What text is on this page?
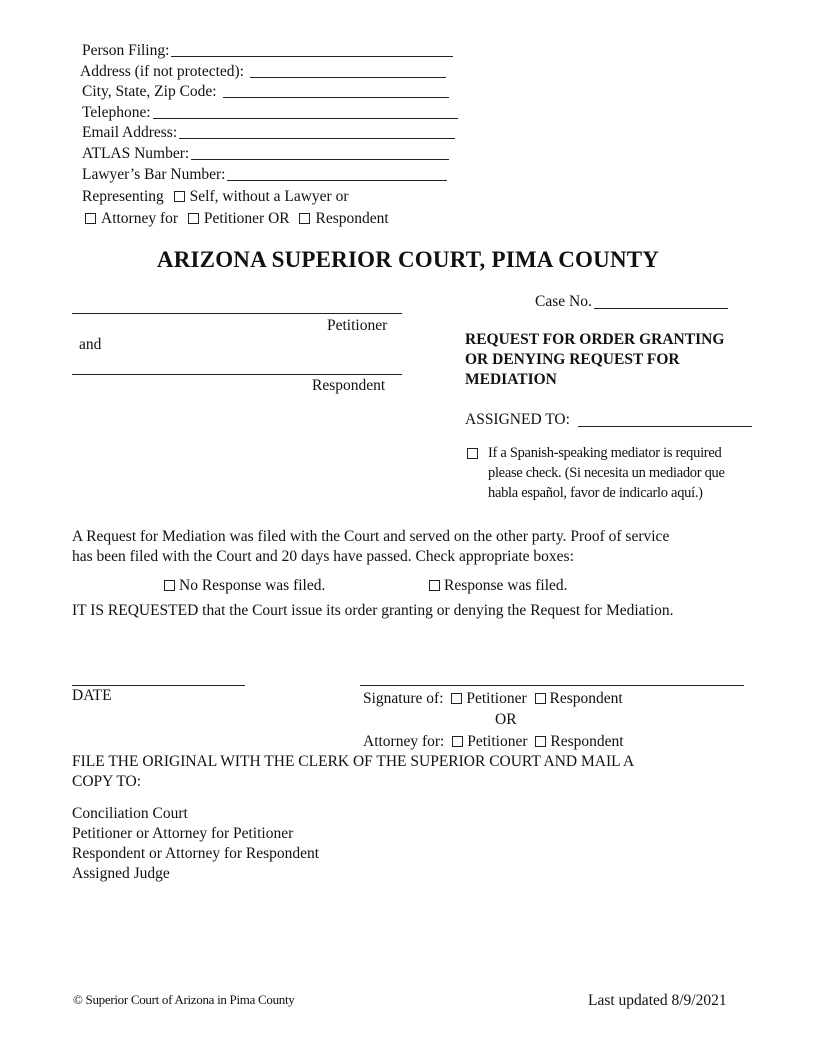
Person Filing:
Address (if not protected):
City, State, Zip Code:
Telephone:
Email Address:
ATLAS Number:
Lawyer’s Bar Number:
Representing Self, without a Lawyer or
Attorney for Petitioner OR Respondent
ARIZONA SUPERIOR COURT, PIMA COUNTY
Petitioner
and
Respondent
Case No.
REQUEST FOR ORDER GRANTING
OR DENYING REQUEST FOR
MEDIATION
ASSIGNED TO:
If a Spanish-speaking mediator is required
please check. (Si necesita un mediador que
habla español, favor de indicarlo aquí.)
A Request for Mediation was filed with the Court and served on the other party. Proof of service
has been filed with the Court and 20 days have passed. Check appropriate boxes:
No Response was filed.	Response was filed.
IT IS REQUESTED that the Court issue its order granting or denying the Request for Mediation.
DATE	Signature of: Petitioner Respondent
OR
Attorney for: Petitioner Respondent
FILE THE ORIGINAL WITH THE CLERK OF THE SUPERIOR COURT AND MAIL A
COPY TO:
Conciliation Court
Petitioner or Attorney for Petitioner
Respondent or Attorney for Respondent
Assigned Judge
© Superior Court of Arizona in Pima County	Last updated 8/9/2021
